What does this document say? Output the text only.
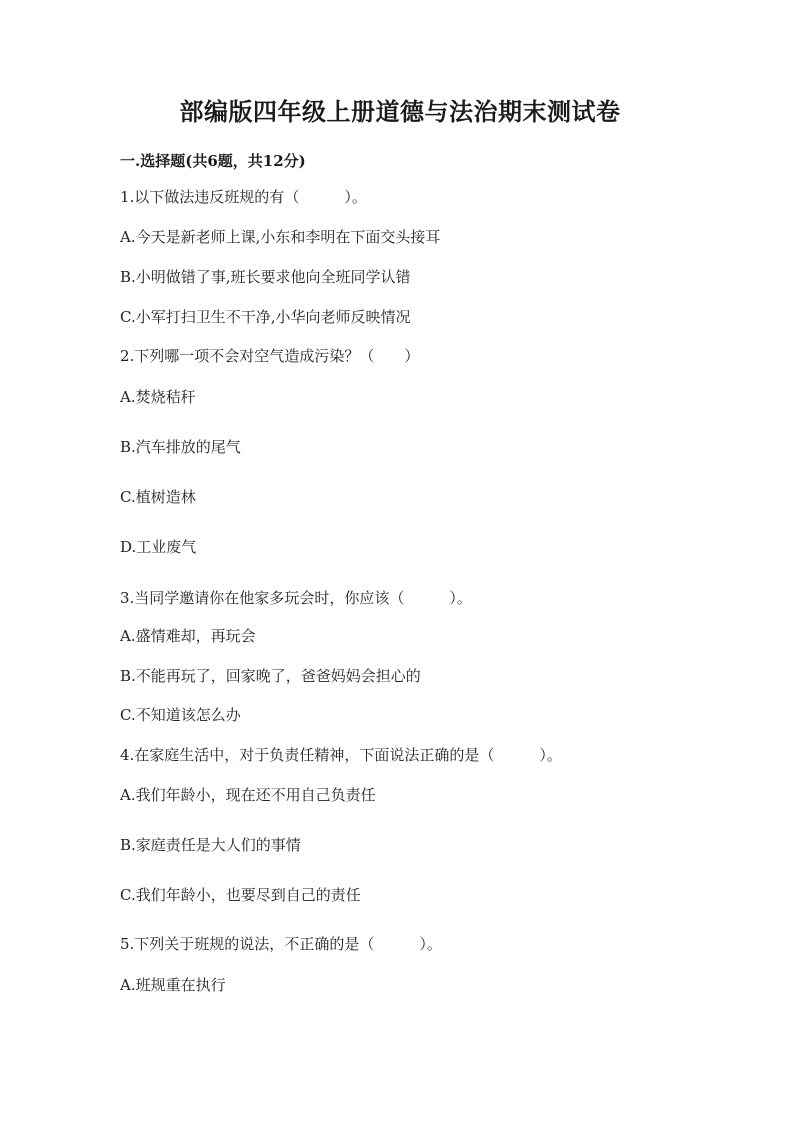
部编版四年级上册道德与法治期末测试卷
一.选择题(共6题，共12分)
1.以下做法违反班规的有（　　　）。
A.今天是新老师上课,小东和李明在下面交头接耳
B.小明做错了事,班长要求他向全班同学认错
C.小军打扫卫生不干净,小华向老师反映情况
2.下列哪一项不会对空气造成污染？（　　）
A.焚烧秸秆
B.汽车排放的尾气
C.植树造林
D.工业废气
3.当同学邀请你在他家多玩会时，你应该（　　　）。
A.盛情难却，再玩会
B.不能再玩了，回家晚了，爸爸妈妈会担心的
C.不知道该怎么办
4.在家庭生活中，对于负责任精神，下面说法正确的是（　　　）。
A.我们年龄小，现在还不用自己负责任
B.家庭责任是大人们的事情
C.我们年龄小，也要尽到自己的责任
5.下列关于班规的说法，不正确的是（　　　）。
A.班规重在执行
